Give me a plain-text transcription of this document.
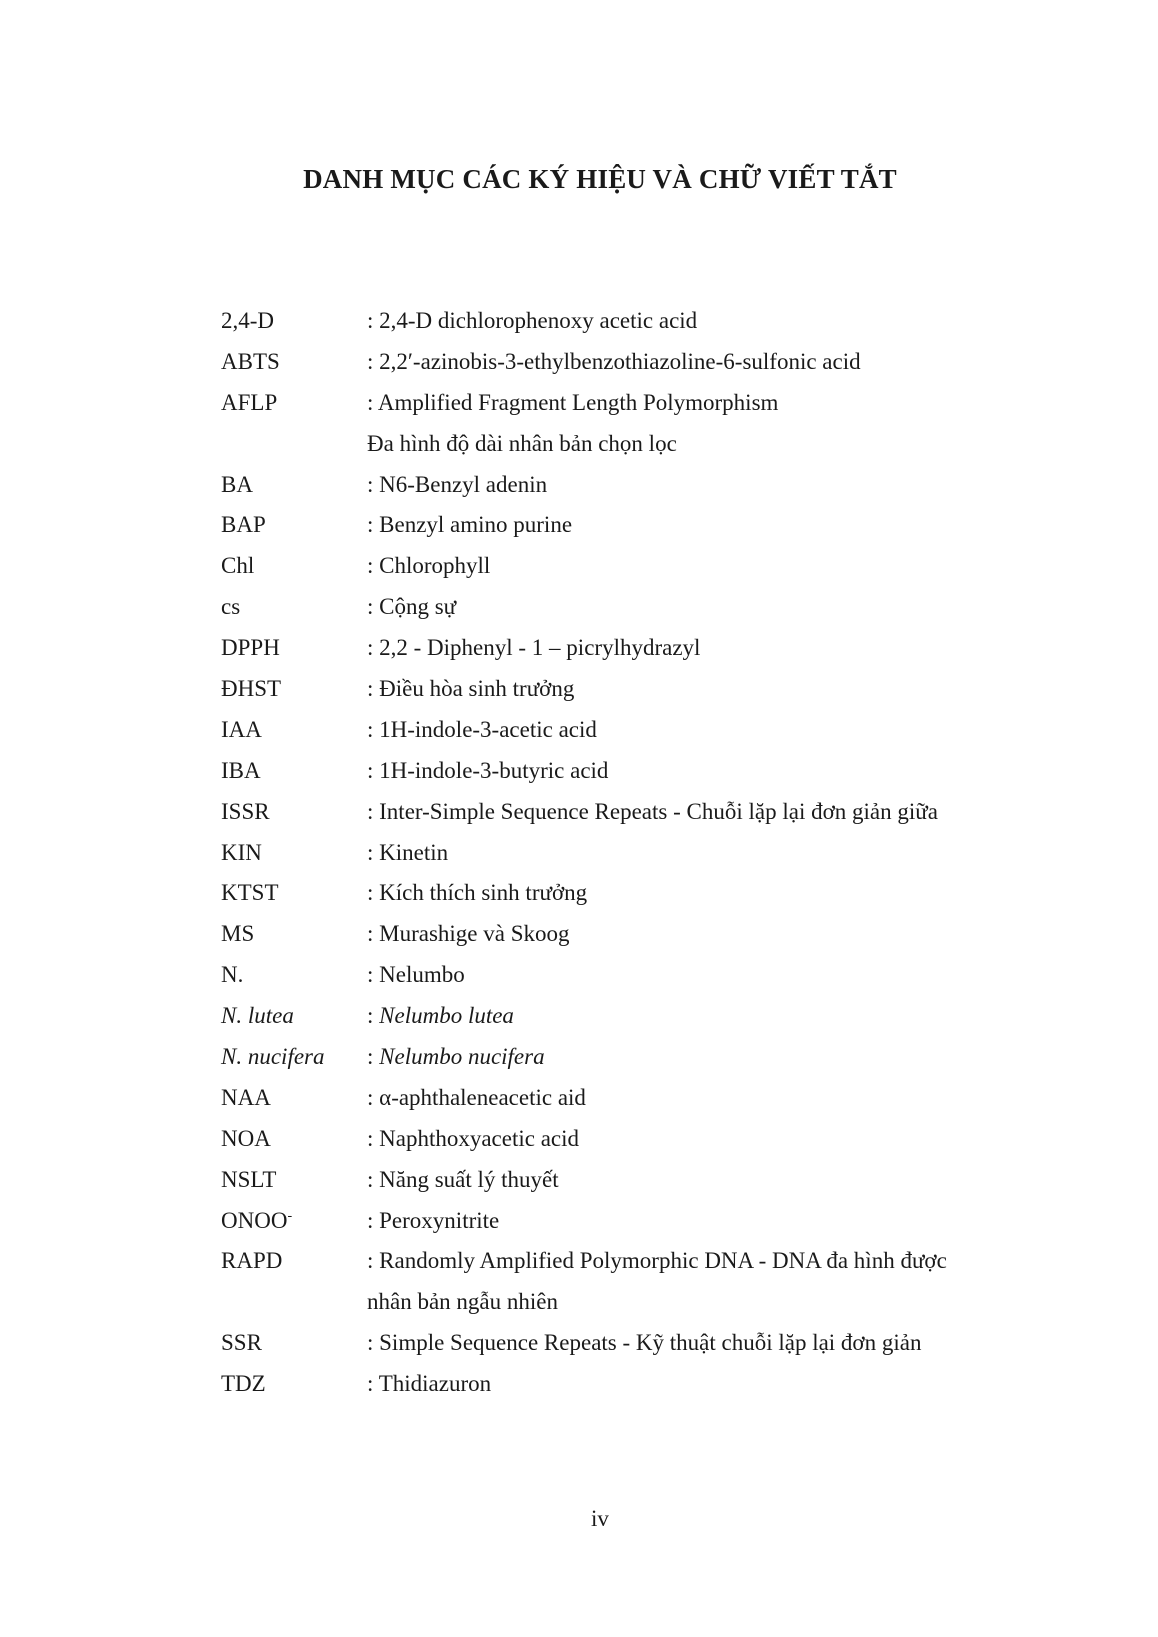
DANH MỤC CÁC KÝ HIỆU VÀ CHỮ VIẾT TẮT
2,4-D	: 2,4-D dichlorophenoxy acetic acid
ABTS	: 2,2′-azinobis-3-ethylbenzothiazoline-6-sulfonic acid
AFLP	: Amplified Fragment Length Polymorphism
Đa hình độ dài nhân bản chọn lọc
BA	: N6-Benzyl adenin
BAP	: Benzyl amino purine
Chl	: Chlorophyll
cs	: Cộng sự
DPPH	: 2,2 - Diphenyl - 1 – picrylhydrazyl
ĐHST	: Điều hòa sinh trưởng
IAA	: 1H-indole-3-acetic acid
IBA	: 1H-indole-3-butyric acid
ISSR	: Inter-Simple Sequence Repeats - Chuỗi lặp lại đơn giản giữa
KIN	: Kinetin
KTST	: Kích thích sinh trưởng
MS	: Murashige và Skoog
N.	: Nelumbo
N. lutea	: Nelumbo lutea
N. nucifera	: Nelumbo nucifera
NAA	: α-aphthaleneacetic aid
NOA	: Naphthoxyacetic acid
NSLT	: Năng suất lý thuyết
ONOO-	: Peroxynitrite
RAPD	: Randomly Amplified Polymorphic DNA - DNA đa hình được
nhân bản ngẫu nhiên
SSR	: Simple Sequence Repeats - Kỹ thuật chuỗi lặp lại đơn giản
TDZ	: Thidiazuron

iv
